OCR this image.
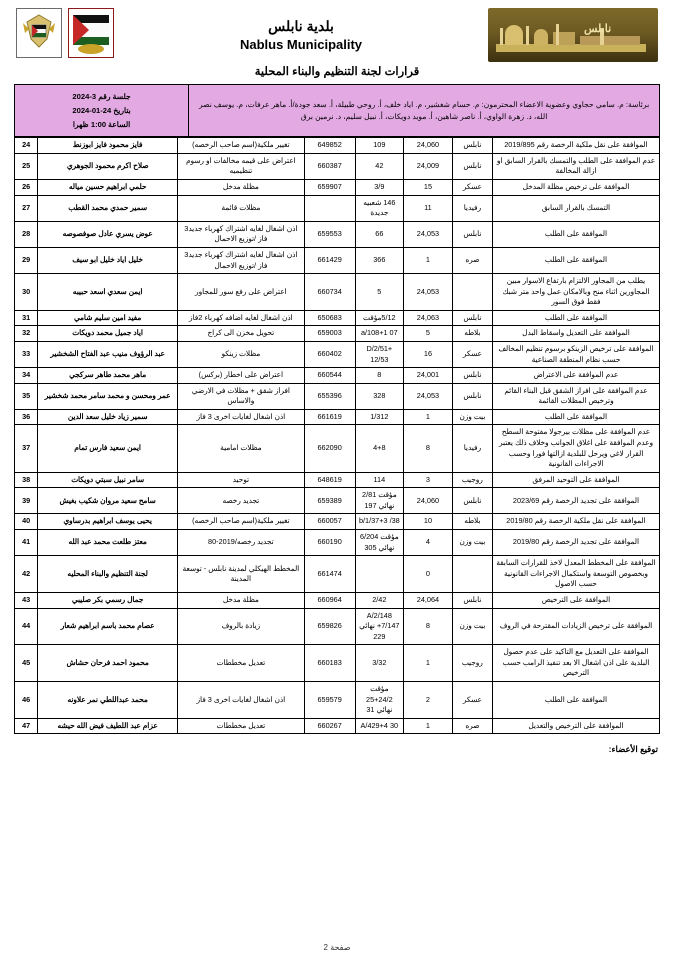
نابلس
بلدية نابلس
Nablus Municipality
قرارات لجنة التنظيم والبناء المحلية
برئاسة: م. سامي حجاوي وعضوية الاعضاء المحترمون: م. حسام شغشير، م. اياد خلف، أ. روحي طبيلة، أ. سعد جودة/أ. ماهر عرفات، م. يوسف نصر الله، د. زهرة الواوي، أ. ناصر شاهين، أ. مويد دويكات، أ. نبيل سليم، د. نرمين برق	
جلسة رقم 3-2024
بتاريخ 24-01-2024
الساعة 1:00 ظهرا
الموافقة على نقل ملكية الرخصة رقم 2019/895	نابلس	24,060	109	649852	تغيير ملكية(اسم صاحب الرخصه)	فايز محمود فايز ابوزنط	24
عدم الموافقة على الطلب والتمسك بالقرار السابق او ازالة المخالفة	نابلس	24,009	42	660387	اعتراض على قيمه مخالفات او رسوم تنظيميه	صلاح اكرم محمود الجوهري	25
الموافقة على ترخيص مظلة المدخل	عسكر	15	3/9	659907	مظلة مدخل	حلمي ابراهيم حسين مياله	26
التمسك بالقرار السابق	رفيديا	11	146 شعبيه جديدة		مظلات قائمة	سمير حمدي محمد القطب	27
الموافقة على الطلب	نابلس	24,053	66	659553	اذن اشغال لغايه اشتراك كهرباء جديد3 فاز /توزيع الاحمال	عوض يسري عادل صوفصوصه	28
الموافقة على الطلب	صره	1	366	661429	اذن اشغال لغايه اشتراك كهرباء جديد3 فاز /توزيع الاحمال	خليل اياد خليل ابو سيف	29
يطلب من المجاور الالتزام بارتفاع الاسوار مبين المجاورين اثناء منح وبالامكان عمل واحد متر شبك فقط فوق السور		24,053	5	660734	اعتراض على رفع سور للمجاور	ايمن سعدي اسعد حبيبه	30
الموافقة على الطلب	نابلس	24,063	5/12مؤقت	650683	اذن اشغال لغايه اضافه كهرباء 2فاز	مفيد امين سليم شامي	31
الموافقة على التعديل واسقاط البدل	بلاطه	5	a/108+1 07	659003	تحويل مخزن الى كراج	اياد جميل محمد دويكات	32
الموافقة على ترخيص الزينكو برسوم تنظيم المخالف حسب نظام المنطقة الصناعية	عسكر	16	D/2/51+ 12/53	660402	مظلات زينكو	عبد الرؤوف منيب عبد الفتاح الشخشير	33
عدم الموافقة على الاعتراض	نابلس	24,001	8	660544	اعتراض على اخطار (بركس)	ماهر محمد طاهر سركجي	34
عدم الموافقة على افراز الشقق قبل البناء القائم وترخيص المظلات القائمة	نابلس	24,053	328	655396	افراز شقق + مظلات في الارضي والاساس	عمر ومحسن و محمد سامر محمد شخشير	35
الموافقة على الطلب	بيت وزن	1	1/312	661619	اذن اشغال لغايات اخرى 3 فاز	سمير زياد خليل سعد الدين	36
عدم الموافقة على مظلات بيرجولا مفتوحة السطح وعدم الموافقة على اغلاق الجوانب وخلاف ذلك يعتبر القرار لاغي ويرحل للبلدية ازالتها فورا وحسب الاجراءات القانونية	رفيديا	8	4+8	662090	مظلات امامية	ايمن سعيد فارس تمام	37
الموافقة على التوحيد المرفق	روجيب	3	114	648619	توحيد	سامر نبيل سبتي دويكات	38
الموافقة على تجديد الرخصة رقم 2023/69	نابلس	24,060	مؤقت 2/81 نهائي 197	659389	تجديد رخصه	سامح سعيد مروان شكيب بغيش	39
الموافقة على نقل ملكية الرخصة رقم 2019/80	بلاطه	10	b/1/37+3 /38	660057	تغيير ملكية(اسم صاحب الرخصه)	يحيى يوسف ابراهيم بدرساوي	40
الموافقة على تجديد الرخصة رقم 2019/80	بيت وزن	4	مؤقت 6/204 نهائي 305	660190	تجديد رخصه/2019-80	معتز طلعت محمد عبد الله	41
الموافقة على المخطط المعدل لاخذ للقرارات السابقة وبخصوص التوسعة واستكمال الاجراءات القانونية حسب الاصول		0		661474	المخطط الهيكلي لمدينة نابلس - توسعة المدينة	لجنة التنظيم والبناء المحليه	42
الموافقة على الترخيص	نابلس	24,064	2/42	660964	مظلة مدخل	جمال رسمي بكر صليبي	43
الموافقة على ترخيص الزيادات المقترحة في الروف	بيت وزن	8	A/2/148 +7/147 نهائي 229	659826	زيادة بالروف	عصام محمد باسم ابراهيم شعار	44
الموافقة على التعديل مع التاكيد على عدم حصول البلدية على اذن اشغال الا بعد تنفيذ الرامب حسب الترخيص	روجيب	1	3/32	660183	تعديل مخططات	محمود احمد فرحان حشاش	45
الموافقة على الطلب	عسكر	2	مؤقت 24/2+25 نهائي 31	659579	اذن اشغال لغايات اخرى 3 فاز	محمد عبداللطي نمر علاونه	46
الموافقة على الترخيص والتعديل	صره	1	A/429+4 30	660267	تعديل مخططات	عزام عبد اللطيف فيض الله حيشه	47
توقيع الأعضاء:
صفحة 2
